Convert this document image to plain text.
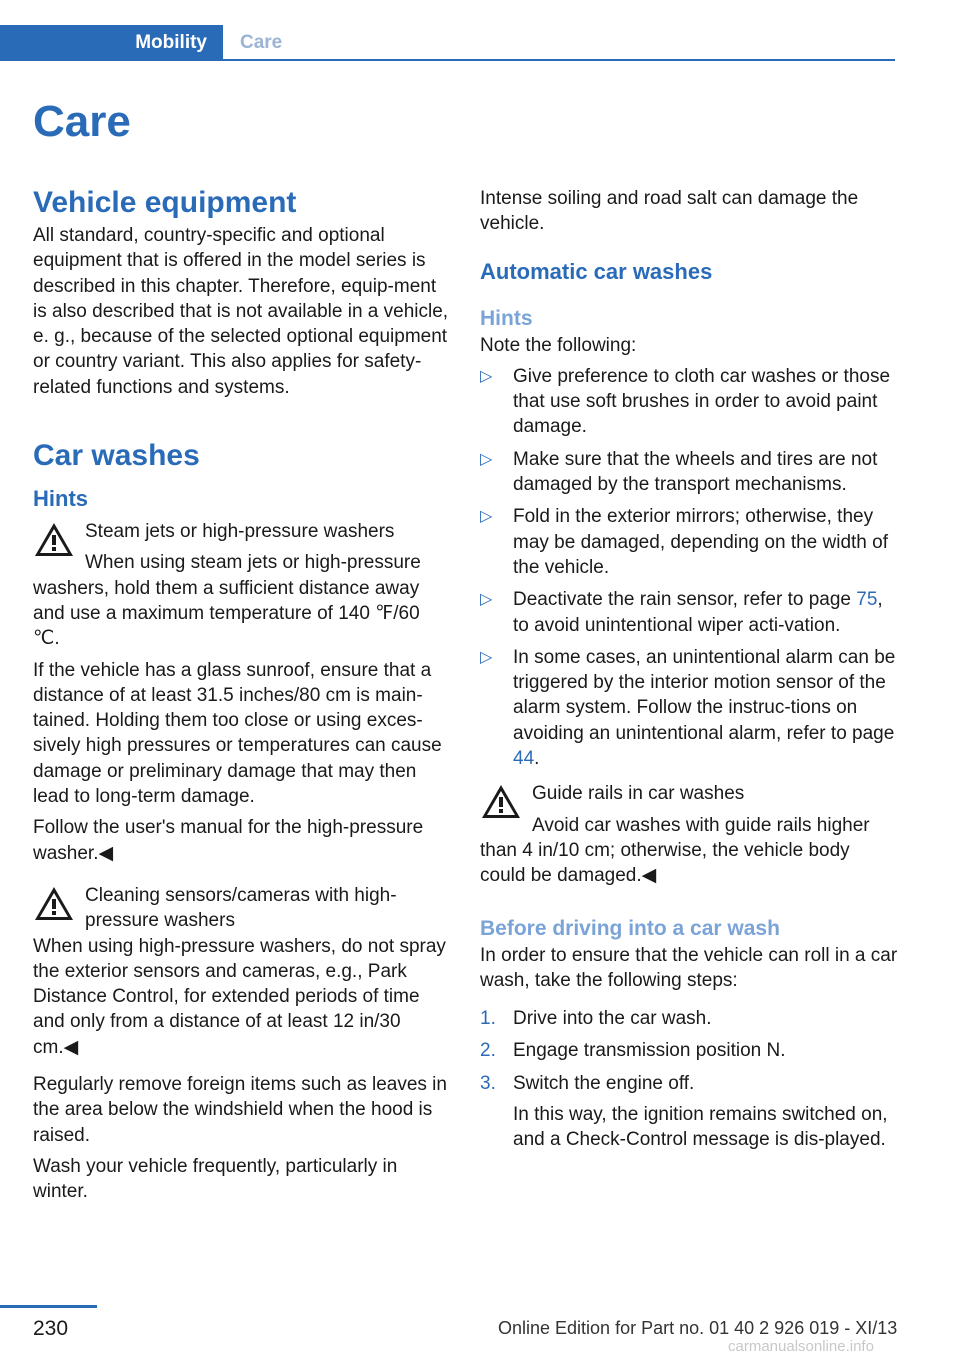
Mobility	Care
Care
Vehicle equipment

All standard, country-specific and optional equipment that is offered in the model series is described in this chapter. Therefore, equip-ment is also described that is not available in a vehicle, e. g., because of the selected optional equipment or country variant. This also applies for safety-related functions and systems.

Car washes
Hints
Steam jets or high-pressure washers
When using steam jets or high-pressure washers, hold them a sufficient distance away and use a maximum temperature of 140 ℉/60 ℃.

If the vehicle has a glass sunroof, ensure that a distance of at least 31.5 inches/80 cm is main-tained. Holding them too close or using exces-sively high pressures or temperatures can cause damage or preliminary damage that may then lead to long-term damage.

Follow the user's manual for the high-pressure washer.◀

Cleaning sensors/cameras with high-pressure washers
When using high-pressure washers, do not spray the exterior sensors and cameras, e.g., Park Distance Control, for extended periods of time and only from a distance of at least 12 in/30 cm.◀

Regularly remove foreign items such as leaves in the area below the windshield when the hood is raised.

Wash your vehicle frequently, particularly in winter.

Intense soiling and road salt can damage the vehicle.

Automatic car washes
Hints

Note the following:

▷ Give preference to cloth car washes or those that use soft brushes in order to avoid paint damage.
▷ Make sure that the wheels and tires are not damaged by the transport mechanisms.
▷ Fold in the exterior mirrors; otherwise, they may be damaged, depending on the width of the vehicle.
▷ Deactivate the rain sensor, refer to page 75, to avoid unintentional wiper acti-vation.
▷ In some cases, an unintentional alarm can be triggered by the interior motion sensor of the alarm system. Follow the instruc-tions on avoiding an unintentional alarm, refer to page 44.
Guide rails in car washes
Avoid car washes with guide rails higher than 4 in/10 cm; otherwise, the vehicle body could be damaged.◀
Before driving into a car wash

In order to ensure that the vehicle can roll in a car wash, take the following steps:

1. Drive into the car wash.
2. Engage transmission position N.
3. Switch the engine off.
In this way, the ignition remains switched on, and a Check-Control message is dis-played.
230	Online Edition for Part no. 01 40 2 926 019 - XI/13
carmanualsonline.info
